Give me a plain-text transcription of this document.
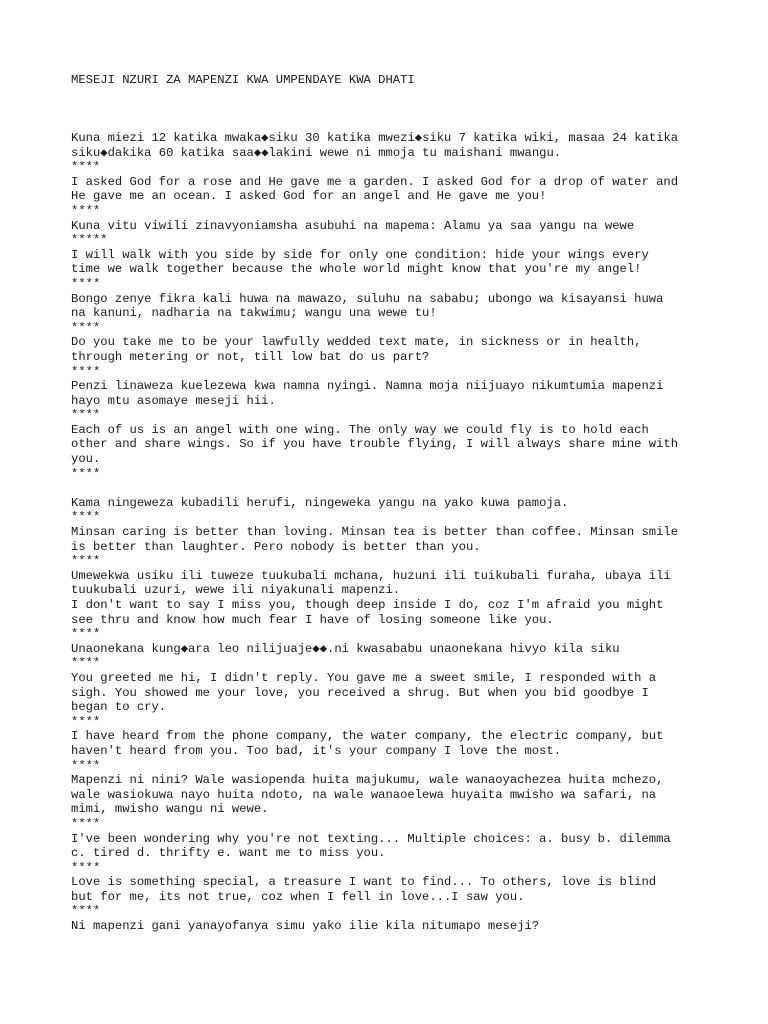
MESEJI NZURI ZA MAPENZI KWA UMPENDAYE KWA DHATI

Kuna miezi 12 katika mwaka◆siku 30 katika mwezi◆siku 7 katika wiki, masaa 24 katika
siku◆dakika 60 katika saa◆◆lakini wewe ni mmoja tu maishani mwangu.
****
I asked God for a rose and He gave me a garden. I asked God for a drop of water and
He gave me an ocean. I asked God for an angel and He gave me you!
****
Kuna vitu viwili zinavyoniamsha asubuhi na mapema: Alamu ya saa yangu na wewe
*****
I will walk with you side by side for only one condition: hide your wings every
time we walk together because the whole world might know that you're my angel!
****
Bongo zenye fikra kali huwa na mawazo, suluhu na sababu; ubongo wa kisayansi huwa
na kanuni, nadharia na takwimu; wangu una wewe tu!
****
Do you take me to be your lawfully wedded text mate, in sickness or in health,
through metering or not, till low bat do us part?
****
Penzi linaweza kuelezewa kwa namna nyingi. Namna moja niijuayo nikumtumia mapenzi
hayo mtu asomaye meseji hii.
****
Each of us is an angel with one wing. The only way we could fly is to hold each
other and share wings. So if you have trouble flying, I will always share mine with
you.
****

Kama ningeweza kubadili herufi, ningeweka yangu na yako kuwa pamoja.
****
Minsan caring is better than loving. Minsan tea is better than coffee. Minsan smile
is better than laughter. Pero nobody is better than you.
****
Umewekwa usiku ili tuweze tuukubali mchana, huzuni ili tuikubali furaha, ubaya ili
tuukubali uzuri, wewe ili niyakunali mapenzi.
I don't want to say I miss you, though deep inside I do, coz I'm afraid you might
see thru and know how much fear I have of losing someone like you.
****
Unaonekana kung◆ara leo nilijuaje◆◆.ni kwasababu unaonekana hivyo kila siku
****
You greeted me hi, I didn't reply. You gave me a sweet smile, I responded with a
sigh. You showed me your love, you received a shrug. But when you bid goodbye I
began to cry.
****
I have heard from the phone company, the water company, the electric company, but
haven't heard from you. Too bad, it's your company I love the most.
****
Mapenzi ni nini? Wale wasiopenda huita majukumu, wale wanaoyachezea huita mchezo,
wale wasiokuwa nayo huita ndoto, na wale wanaoelewa huyaita mwisho wa safari, na
mimi, mwisho wangu ni wewe.
****
I've been wondering why you're not texting... Multiple choices: a. busy b. dilemma
c. tired d. thrifty e. want me to miss you.
****
Love is something special, a treasure I want to find... To others, love is blind
but for me, its not true, coz when I fell in love...I saw you.
****
Ni mapenzi gani yanayofanya simu yako ilie kila nitumapo meseji?
